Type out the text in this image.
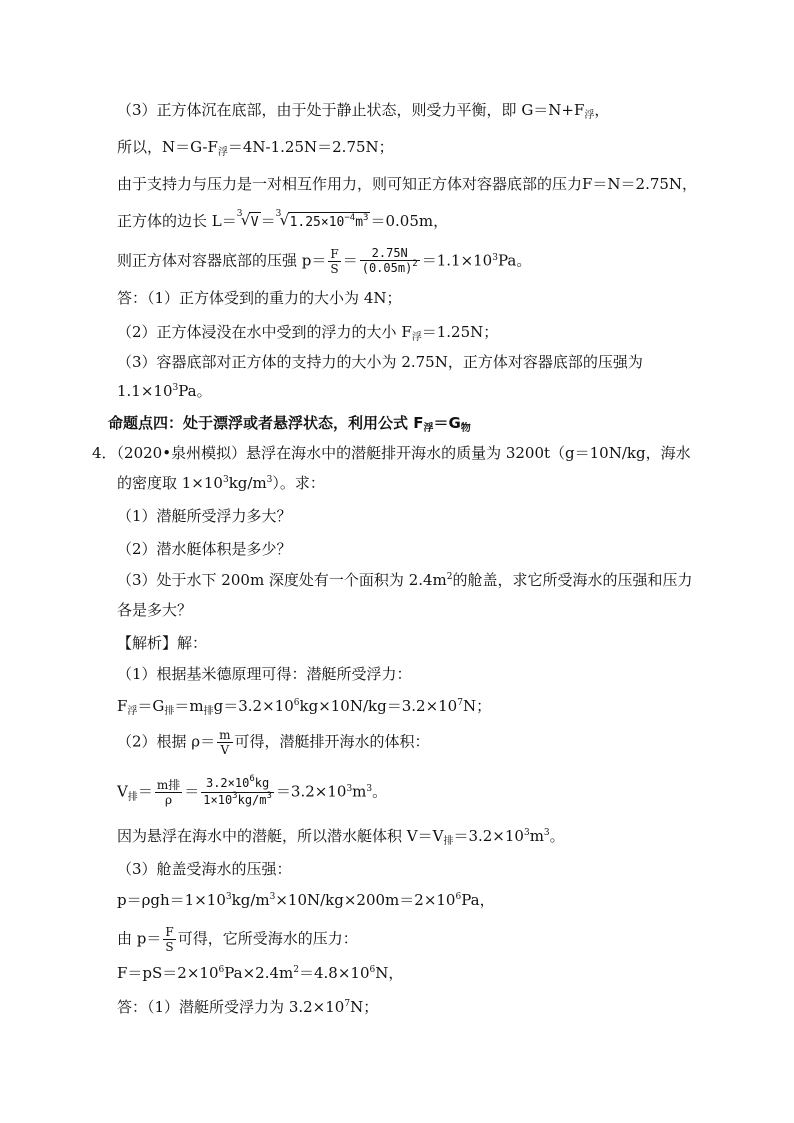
（3）正方体沉在底部，由于处于静止状态，则受力平衡，即 $G=N+F_浮$，
所以，$N=G-F_浮=4N-1.25N=2.75N$；
由于支持力与压力是一对相互作用力，则可知正方体对容器底部的压力F＝N＝2.75N，
正方体的边长 L＝ 3
√ V ＝ 3
√ $1.25\times 10^{-4}m^3 =0.05m$，
则正方体对容器底部的压强 $p= \frac{F}{S} = \frac{2.75N}{(0.05m)^2} =1.1\times 10^3Pa$。
答：（1）正方体受到的重力的大小为 4N；
（2）正方体浸没在水中受到的浮力的大小 $F_浮=1.25N$；
（3）容器底部对正方体的支持力的大小为 2.75N，正方体对容器底部的压强为
$1.1\times 10^3Pa$。
命题点四：处于漂浮或者悬浮状态，利用公式 $F_浮=G_物$
4．（2020•泉州模拟）悬浮在海水中的潜艇排开海水的质量为 3200t（g＝10N/kg，海水
的密度取 $1\times 10^3kg/m^3$）。求：
（1）潜艇所受浮力多大？
（2）潜水艇体积是多少？
（3）处于水下 200m 深度处有一个面积为 $2.4m^2$的舱盖，求它所受海水的压强和压力
各是多大？
【解析】解：
（1）根据基米德原理可得：潜艇所受浮力：
$F_浮=G_排=m_排g=3.2\times 10^6kg\times 10N/kg=3.2\times 10^7N$；
（2）根据 $\rho= \frac{m}{V}$ 可得，潜艇排开海水的体积：
$V_排= \frac{\text{m排}}{\rho} = \frac{3.2\times 10^6kg}{1\times 10^3kg/m^3} =3.2\times 10^3m^3$。
因为悬浮在海水中的潜艇，所以潜水艇体积 $V=V_排=3.2\times 10^3m^3$。
（3）舱盖受海水的压强：
$p=\rho gh=1\times 10^3kg/m^3\times 10N/kg\times 200m=2\times 10^6Pa$，
由 $p= \frac{F}{S}$ 可得，它所受海水的压力：
$F=pS=2\times 10^6Pa\times 2.4m^2=4.8\times 10^6N$，
答：（1）潜艇所受浮力为 $3.2\times 10^7N$；
